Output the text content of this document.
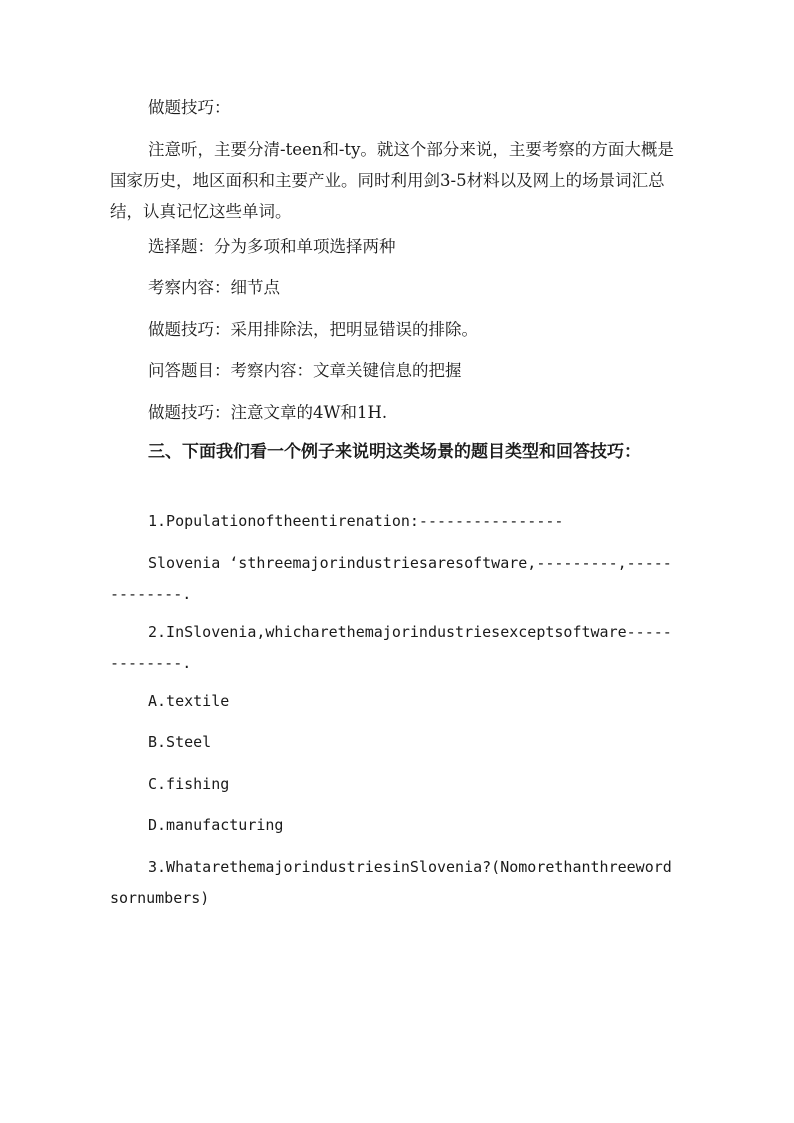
做题技巧：

注意听，主要分清-teen和-ty。就这个部分来说，主要考察的方面大概是国家历史，地区面积和主要产业。同时利用剑3-5材料以及网上的场景词汇总结，认真记忆这些单词。

选择题：分为多项和单项选择两种

考察内容：细节点

做题技巧：采用排除法，把明显错误的排除。

问答题目：考察内容：文章关键信息的把握

做题技巧：注意文章的4W和1H.

三、下面我们看一个例子来说明这类场景的题目类型和回答技巧：

1.Populationoftheentirenation:----------------

Slovenia ‘sthreemajorindustriesaresoftware,---------,-------------.

2.InSlovenia,whicharethemajorindustriesexceptsoftware-------------.

A.textile

B.Steel

C.fishing

D.manufacturing

3.WhatarethemajorindustriesinSlovenia?(Nomorethanthreewordsornumbers)
